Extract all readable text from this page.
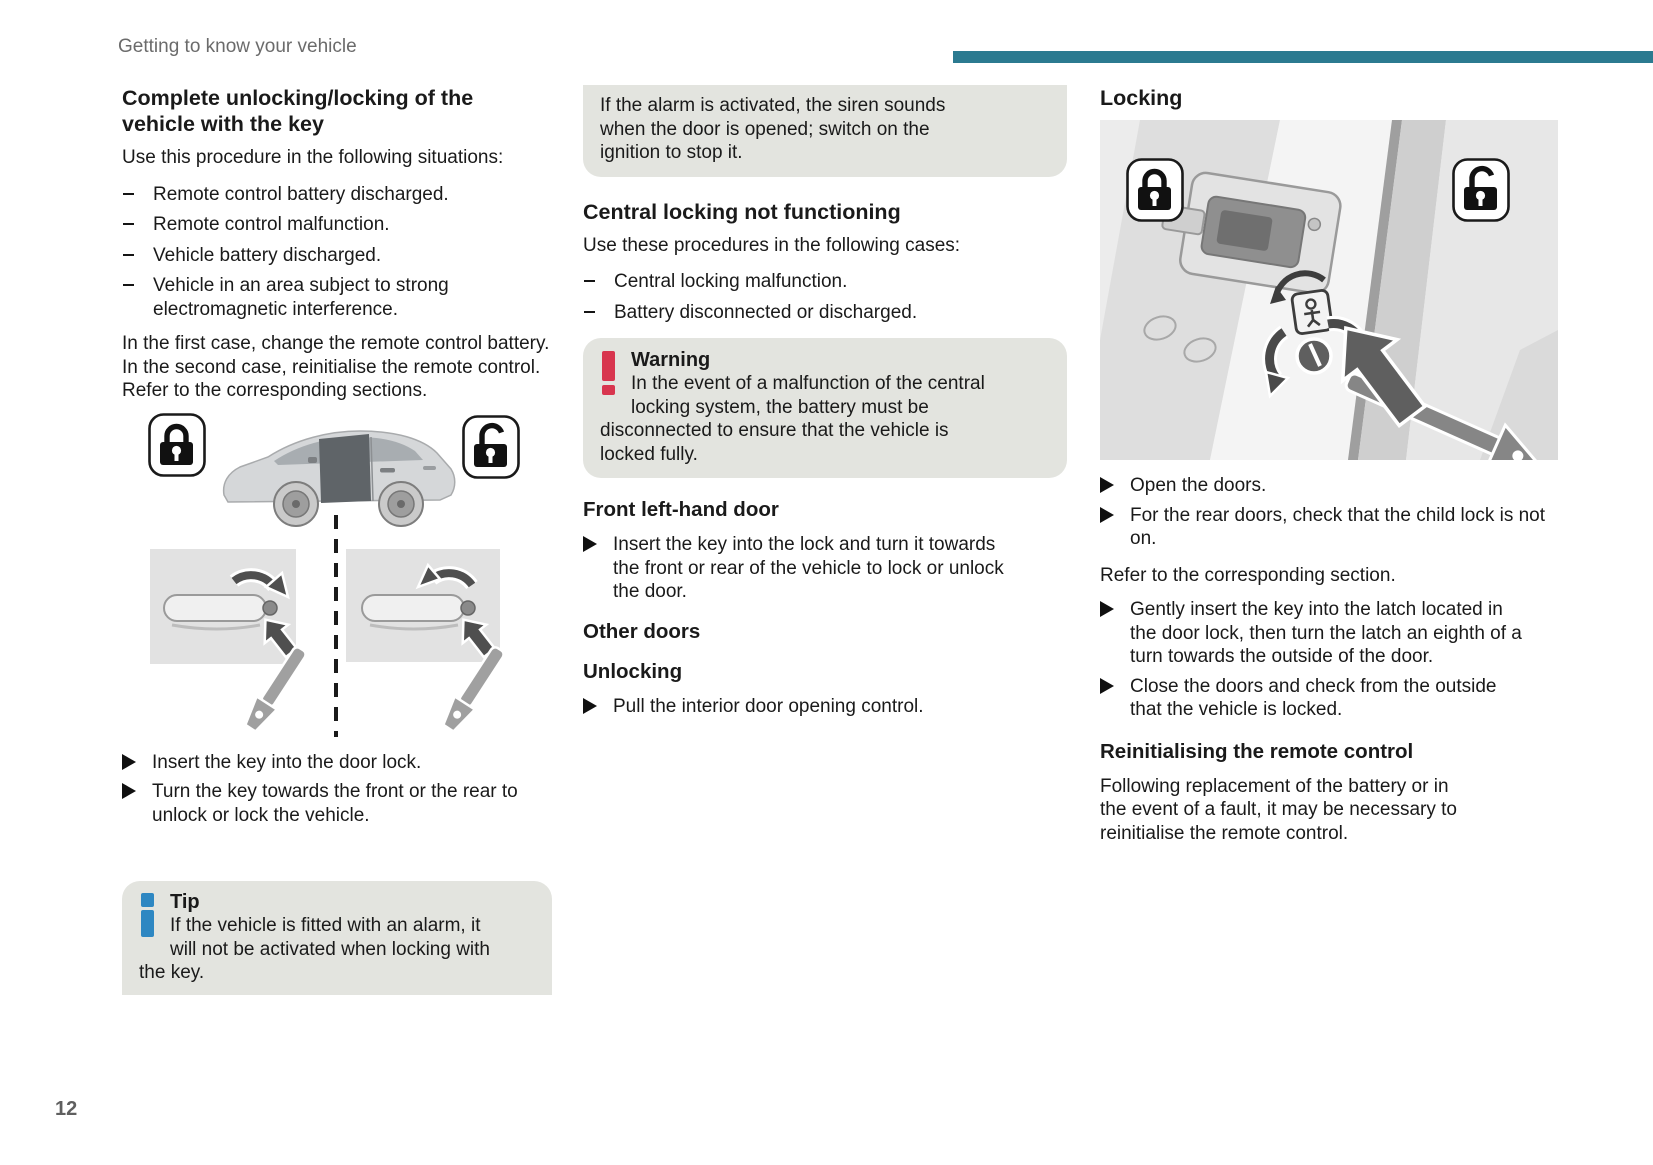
Getting to know your vehicle
Complete unlocking/locking of the vehicle with the key
Use this procedure in the following situations:
Remote control battery discharged.
Remote control malfunction.
Vehicle battery discharged.
Vehicle in an area subject to strong electromagnetic interference.
In the first case, change the remote control battery.
In the second case, reinitialise the remote control.
Refer to the corresponding sections.
Insert the key into the door lock.
Turn the key towards the front or the rear to unlock or lock the vehicle.
Tip
If the vehicle is fitted with an alarm, it will not be activated when locking with the key.
If the alarm is activated, the siren sounds when the door is opened; switch on the ignition to stop it.
Central locking not functioning
Use these procedures in the following cases:
Central locking malfunction.
Battery disconnected or discharged.
Warning
In the event of a malfunction of the central locking system, the battery must be disconnected to ensure that the vehicle is locked fully.
Front left-hand door
Insert the key into the lock and turn it towards the front or rear of the vehicle to lock or unlock the door.
Other doors
Unlocking
Pull the interior door opening control.
Locking
Open the doors.
For the rear doors, check that the child lock is not on.
Refer to the corresponding section.
Gently insert the key into the latch located in the door lock, then turn the latch an eighth of a turn towards the outside of the door.
Close the doors and check from the outside that the vehicle is locked.
Reinitialising the remote control
Following replacement of the battery or in the event of a fault, it may be necessary to reinitialise the remote control.
12
